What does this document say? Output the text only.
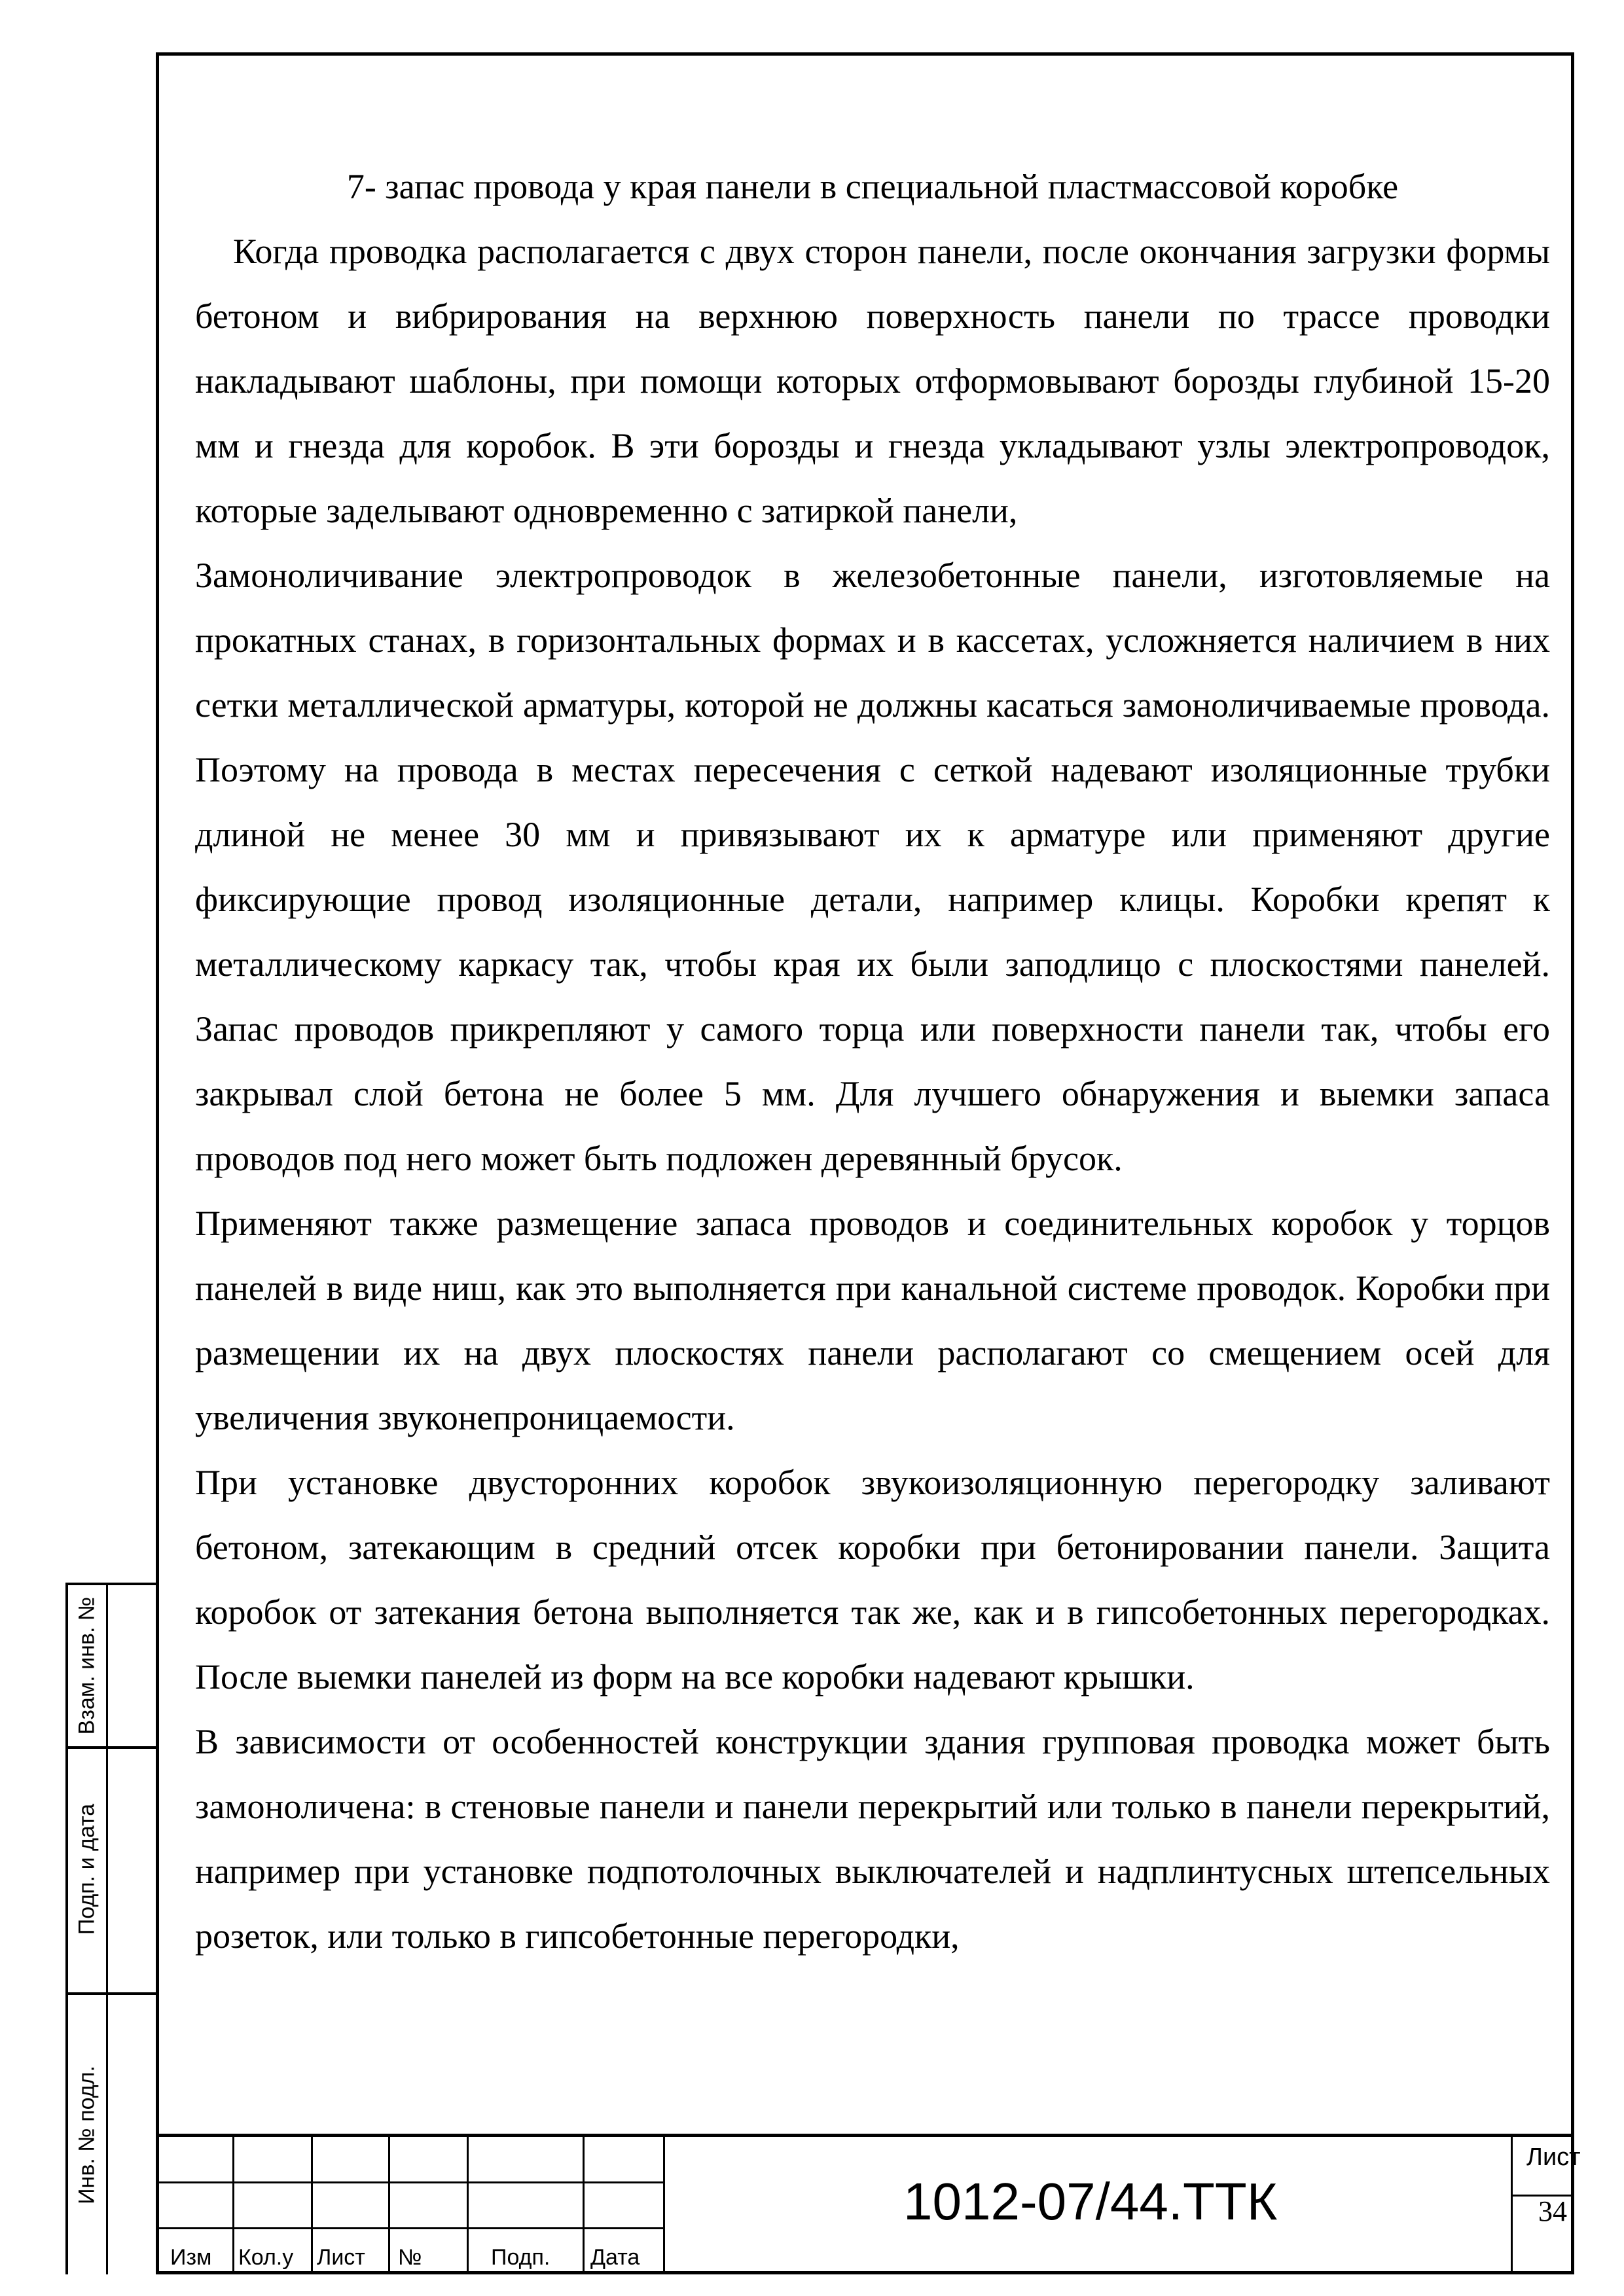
7- запас провода у края панели в специальной пластмассовой коробке

Когда проводка располагается с двух сторон панели, после окончания загрузки формы бетоном и вибрирования на верхнюю поверхность панели по трассе проводки накладывают шаблоны, при помощи которых отформовывают борозды глубиной 15-20 мм и гнезда для коробок. В эти борозды и гнезда укладывают узлы электропроводок, которые заделывают одновременно с затиркой панели,

Замоноличивание электропроводок в железобетонные панели, изготовляемые на прокатных станах, в горизонтальных формах и в кассетах, усложняется наличием в них сетки металлической арматуры, которой не должны касаться замоноличиваемые провода. Поэтому на провода в местах пересечения с сеткой надевают изоляционные трубки длиной не менее 30 мм и привязывают их к арматуре или применяют другие фиксирующие провод изоляционные детали, например клицы. Коробки крепят к металлическому каркасу так, чтобы края их были заподлицо с плоскостями панелей. Запас проводов прикрепляют у самого торца или поверхности панели так, чтобы его закрывал слой бетона не более 5 мм. Для лучшего обнаружения и выемки запаса проводов под него может быть подложен деревянный брусок.

Применяют также размещение запаса проводов и соединительных коробок у торцов панелей в виде ниш, как это выполняется при канальной системе проводок. Коробки при размещении их на двух плоскостях панели располагают со смещением осей для увеличения звуконепроницаемости.

При установке двусторонних коробок звукоизоляционную перегородку заливают бетоном, затекающим в средний отсек коробки при бетонировании панели. Защита коробок от затекания бетона выполняется так же, как и в гипсобетонных перегородках. После выемки панелей из форм на все коробки надевают крышки.

В зависимости от особенностей конструкции здания групповая проводка может быть замоноличена: в стеновые панели и панели перекрытий или только в панели перекрытий, например при установке подпотолочных выключателей и надплинтусных штепсельных розеток, или только в гипсобетонные перегородки,

Взам. инв. №
Подп. и дата
Инв. № подл.
Изм Кол.у Лист №	Подп. Дата
1012-07/44.ТТК
Лист
34
